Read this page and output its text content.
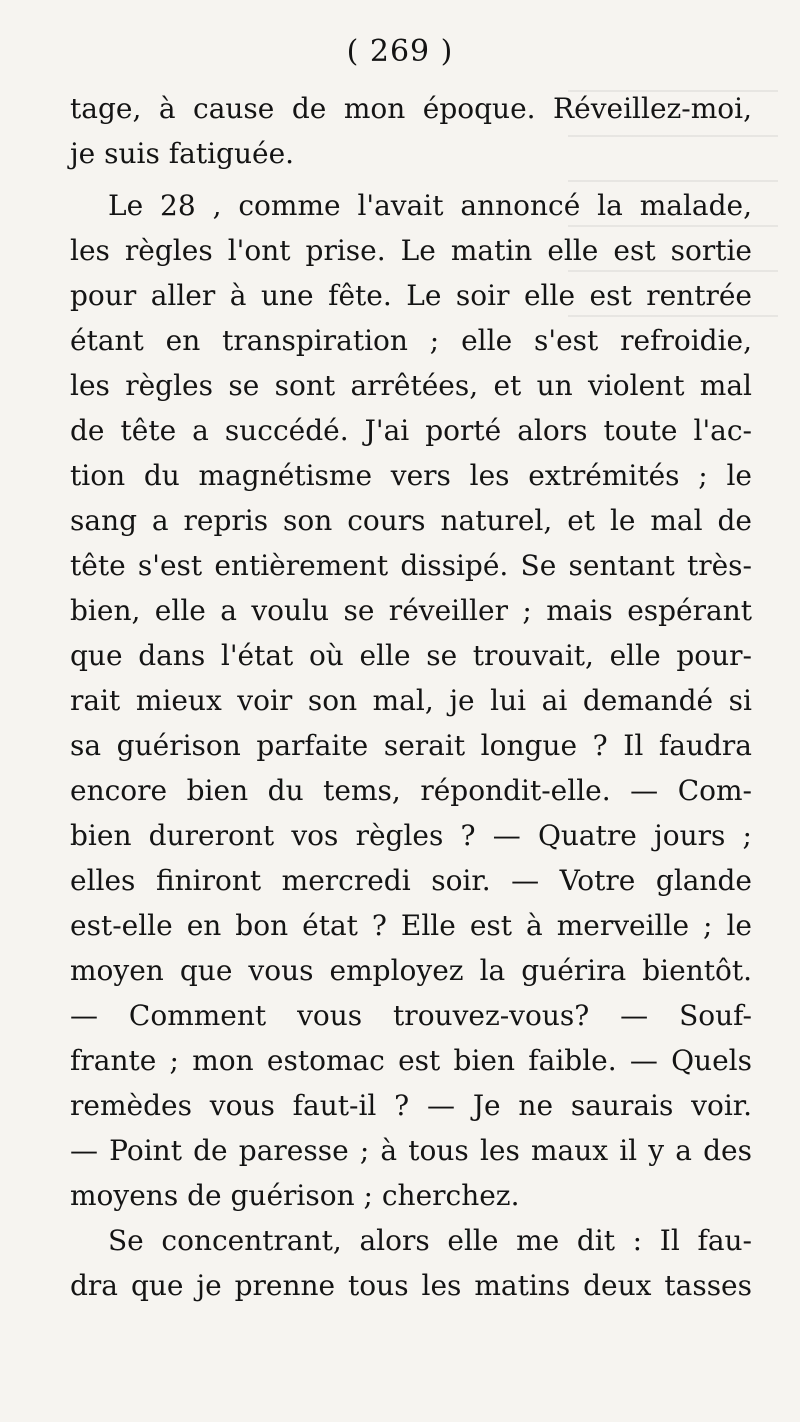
( 269 )
tage, à cause de mon époque. Réveillez-moi,
je suis fatiguée.
Le 28 , comme l'avait annoncé la malade,
les règles l'ont prise. Le matin elle est sortie
pour aller à une fête. Le soir elle est rentrée
étant en transpiration ; elle s'est refroidie,
les règles se sont arrêtées, et un violent mal
de tête a succédé. J'ai porté alors toute l'ac-
tion du magnétisme vers les extrémités ; le
sang a repris son cours naturel, et le mal de
tête s'est entièrement dissipé. Se sentant très-
bien, elle a voulu se réveiller ; mais espérant
que dans l'état où elle se trouvait, elle pour-
rait mieux voir son mal, je lui ai demandé si
sa guérison parfaite serait longue ? Il faudra
encore bien du tems, répondit-elle. — Com-
bien dureront vos règles ? — Quatre jours ;
elles finiront mercredi soir. — Votre glande
est-elle en bon état ? Elle est à merveille ; le
moyen que vous employez la guérira bientôt.
— Comment vous trouvez-vous? — Souf-
frante ; mon estomac est bien faible. — Quels
remèdes vous faut-il ? — Je ne saurais voir.
— Point de paresse ; à tous les maux il y a des
moyens de guérison ; cherchez.
Se concentrant, alors elle me dit : Il fau-
dra que je prenne tous les matins deux tasses
